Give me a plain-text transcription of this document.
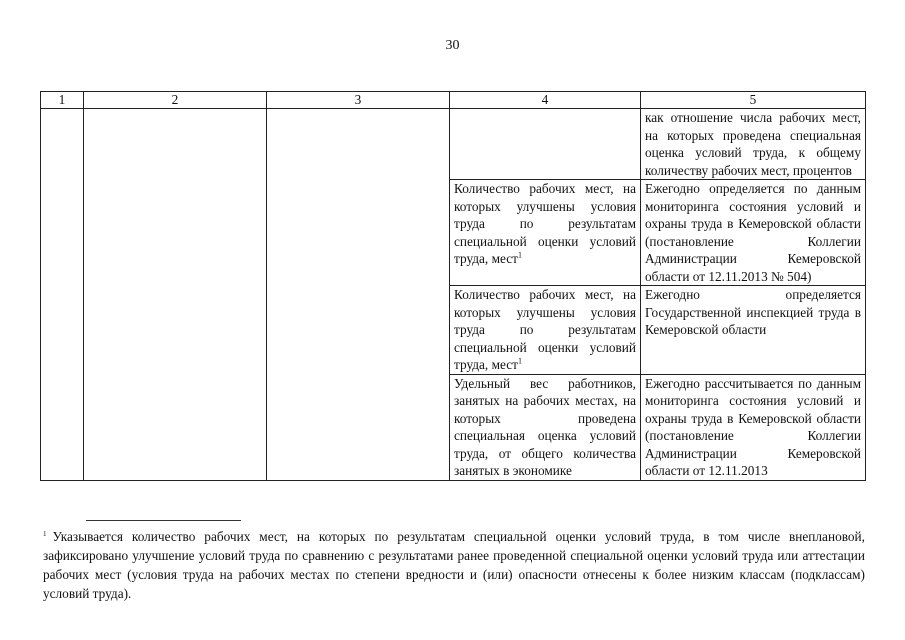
30
1	2	3	4	5
				как отношение числа рабочих мест, на которых проведена специальная оценка условий труда, к общему количеству рабочих мест, процентов
			Количество рабочих мест, на которых улучшены условия труда по результатам специальной оценки условий труда, мест$^1$	Ежегодно определяется по данным мониторинга состояния условий и охраны труда в Кемеровской области (постановление Коллегии Администрации Кемеровской области от 12.11.2013 № 504)
			Количество рабочих мест, на которых улучшены условия труда по результатам специальной оценки условий труда, мест$^1$	Ежегодно определяется Государственной инспекцией труда в Кемеровской области
			Удельный вес работников, занятых на рабочих местах, на которых проведена специальная оценка условий труда, от общего количества занятых в экономике	Ежегодно рассчитывается по данным мониторинга состояния условий и охраны труда в Кемеровской области (постановление Коллегии Администрации Кемеровской области от 12.11.2013
$^1$ Указывается количество рабочих мест, на которых по результатам специальной оценки условий труда, в том числе внеплановой, зафиксировано улучшение условий труда по сравнению с результатами ранее проведенной специальной оценки условий труда или аттестации рабочих мест (условия труда на рабочих местах по степени вредности и (или) опасности отнесены к более низким классам (подклассам) условий труда).
